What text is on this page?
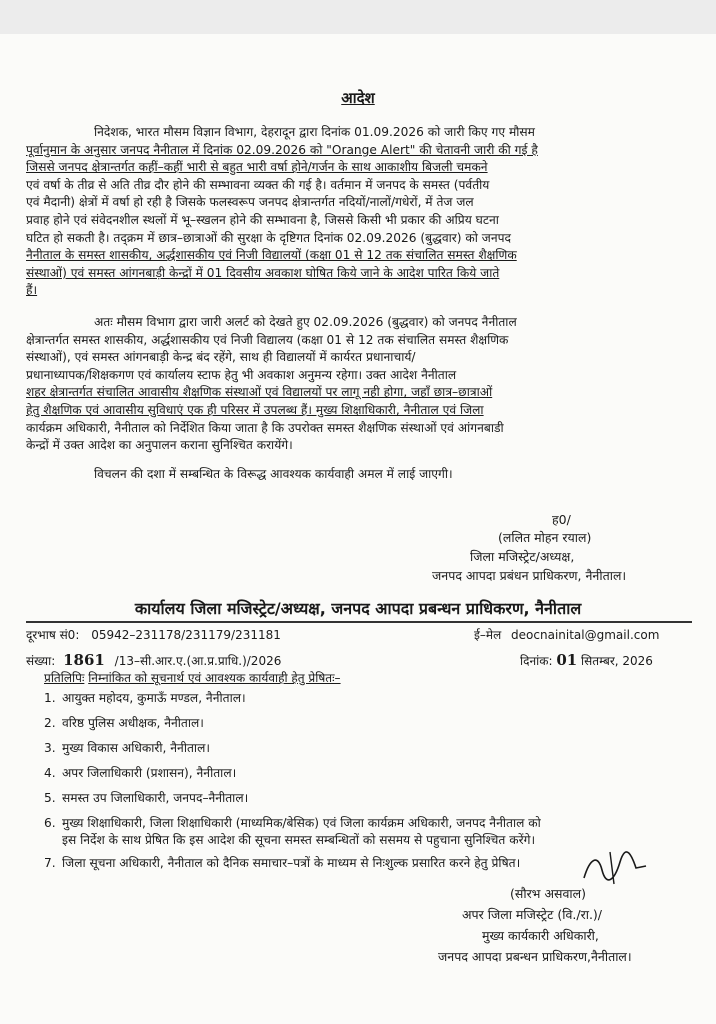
आदेश
निदेशक, भारत मौसम विज्ञान विभाग, देहरादून द्वारा दिनांक 01.09.2026 को जारी किए गए मौसम
पूर्वानुमान के अनुसार जनपद नैनीताल में दिनांक 02.09.2026 को "Orange Alert" की चेतावनी जारी की गई है
जिससे जनपद क्षेत्रान्तर्गत कहीं–कहीं भारी से बहुत भारी वर्षा होने/गर्जन के साथ आकाशीय बिजली चमकने
एवं वर्षा के तीव्र से अति तीव्र दौर होने की सम्भावना व्यक्त की गई है। वर्तमान में जनपद के समस्त (पर्वतीय
एवं मैदानी) क्षेत्रों में वर्षा हो रही है जिसके फलस्वरूप जनपद क्षेत्रान्तर्गत नदियों/नालों/गधेरों, में तेज जल
प्रवाह होने एवं संवेदनशील स्थलों में भू–स्खलन होने की सम्भावना है, जिससे किसी भी प्रकार की अप्रिय घटना
घटित हो सकती है। तद्क्रम में छात्र–छात्राओं की सुरक्षा के दृष्टिगत दिनांक 02.09.2026 (बुद्धवार) को जनपद
नैनीताल के समस्त शासकीय, अर्द्धशासकीय एवं निजी विद्यालयों (कक्षा 01 से 12 तक संचालित समस्त शैक्षणिक
संस्थाओं) एवं समस्त आंगनबाड़ी केन्द्रों में 01 दिवसीय अवकाश घोषित किये जाने के आदेश पारित किये जाते
हैं।
अतः मौसम विभाग द्वारा जारी अलर्ट को देखते हुए 02.09.2026 (बुद्धवार) को जनपद नैनीताल
क्षेत्रान्तर्गत समस्त शासकीय, अर्द्धशासकीय एवं निजी विद्यालय (कक्षा 01 से 12 तक संचालित समस्त शैक्षणिक
संस्थाओं), एवं समस्त आंगनबाड़ी केन्द्र बंद रहेंगे, साथ ही विद्यालयों में कार्यरत प्रधानाचार्य/
प्रधानाध्यापक/शिक्षकगण एवं कार्यालय स्टाफ हेतु भी अवकाश अनुमन्य रहेगा। उक्त आदेश नैनीताल
शहर क्षेत्रान्तर्गत संचालित आवासीय शैक्षणिक संस्थाओं एवं विद्यालयों पर लागू नही होगा, जहाँ छात्र–छात्राओं
हेतु शैक्षणिक एवं आवासीय सुविधाएं एक ही परिसर में उपलब्ध हैं। मुख्य शिक्षाधिकारी, नैनीताल एवं जिला
कार्यक्रम अधिकारी, नैनीताल को निर्देशित किया जाता है कि उपरोक्त समस्त शैक्षणिक संस्थाओं एवं आंगनबाडी
केन्द्रों में उक्त आदेश का अनुपालन कराना सुनिश्चित करायेंगे।
विचलन की दशा में सम्बन्धित के विरूद्ध आवश्यक कार्यवाही अमल में लाई जाएगी।
ह0/
(ललित मोहन रयाल)
जिला मजिस्ट्रेट/अध्यक्ष,
जनपद आपदा प्रबंधन प्राधिकरण, नैनीताल।
कार्यालय जिला मजिस्ट्रेट/अध्यक्ष, जनपद आपदा प्रबन्धन प्राधिकरण, नैनीताल
दूरभाष सं0: 05942–231178/231179/231181	ई–मेल deocnainital@gmail.com
संख्या: 1861 /13–सी.आर.ए.(आ.प्र.प्राधि.)/2026	दिनांक: 01 सितम्बर, 2026
प्रतिलिपिः निम्नांकित को सूचनार्थ एवं आवश्यक कार्यवाही हेतु प्रेषितः–
1. आयुक्त महोदय, कुमाऊँ मण्डल, नैनीताल।
2. वरिष्ठ पुलिस अधीक्षक, नैनीताल।
3. मुख्य विकास अधिकारी, नैनीताल।
4. अपर जिलाधिकारी (प्रशासन), नैनीताल।
5. समस्त उप जिलाधिकारी, जनपद–नैनीताल।
6. मुख्य शिक्षाधिकारी, जिला शिक्षाधिकारी (माध्यमिक/बेसिक) एवं जिला कार्यक्रम अधिकारी, जनपद नैनीताल को
इस निर्देश के साथ प्रेषित कि इस आदेश की सूचना समस्त सम्बन्धितों को ससमय से पहुचाना सुनिश्चित करेंगे।
7. जिला सूचना अधिकारी, नैनीताल को दैनिक समाचार–पत्रों के माध्यम से निःशुल्क प्रसारित करने हेतु प्रेषित।
(सौरभ असवाल)
अपर जिला मजिस्ट्रेट (वि./रा.)/
मुख्य कार्यकारी अधिकारी,
जनपद आपदा प्रबन्धन प्राधिकरण,नैनीताल।
